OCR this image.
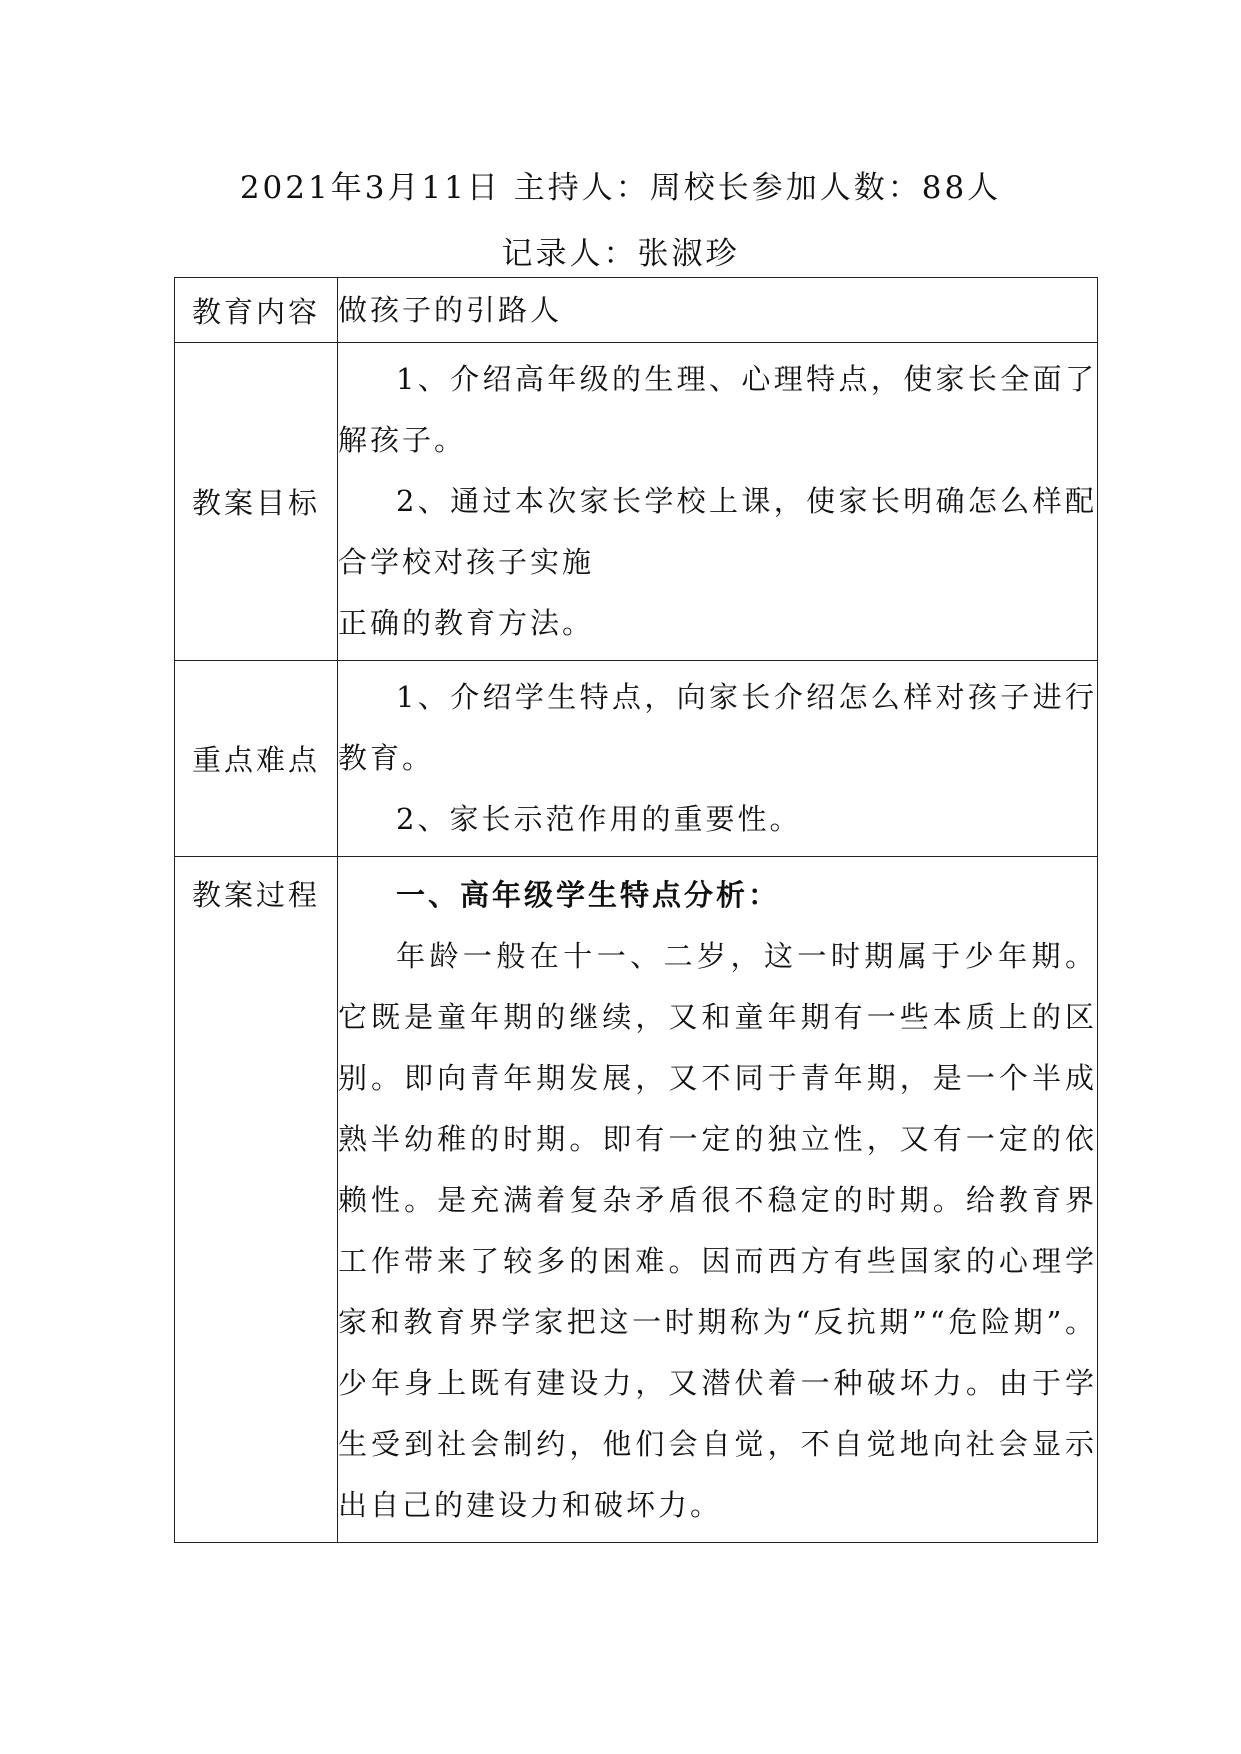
2021年3月11日 主持人：周校长参加人数：88人
记录人：张淑珍
教育内容	做孩子的引路人

教案目标	1、介绍高年级的生理、心理特点，使家长全面了解孩子。

2、通过本次家长学校上课，使家长明确怎么样配合学校对孩子实施

正确的教育方法。

重点难点	1、介绍学生特点，向家长介绍怎么样对孩子进行教育。

2、家长示范作用的重要性。

教案过程	一、高年级学生特点分析：

年龄一般在十一、二岁，这一时期属于少年期。它既是童年期的继续，又和童年期有一些本质上的区别。即向青年期发展，又不同于青年期，是一个半成熟半幼稚的时期。即有一定的独立性，又有一定的依赖性。是充满着复杂矛盾很不稳定的时期。给教育界工作带来了较多的困难。因而西方有些国家的心理学家和教育界学家把这一时期称为“反抗期”“危险期”。少年身上既有建设力，又潜伏着一种破坏力。由于学生受到社会制约，他们会自觉，不自觉地向社会显示出自己的建设力和破坏力。
